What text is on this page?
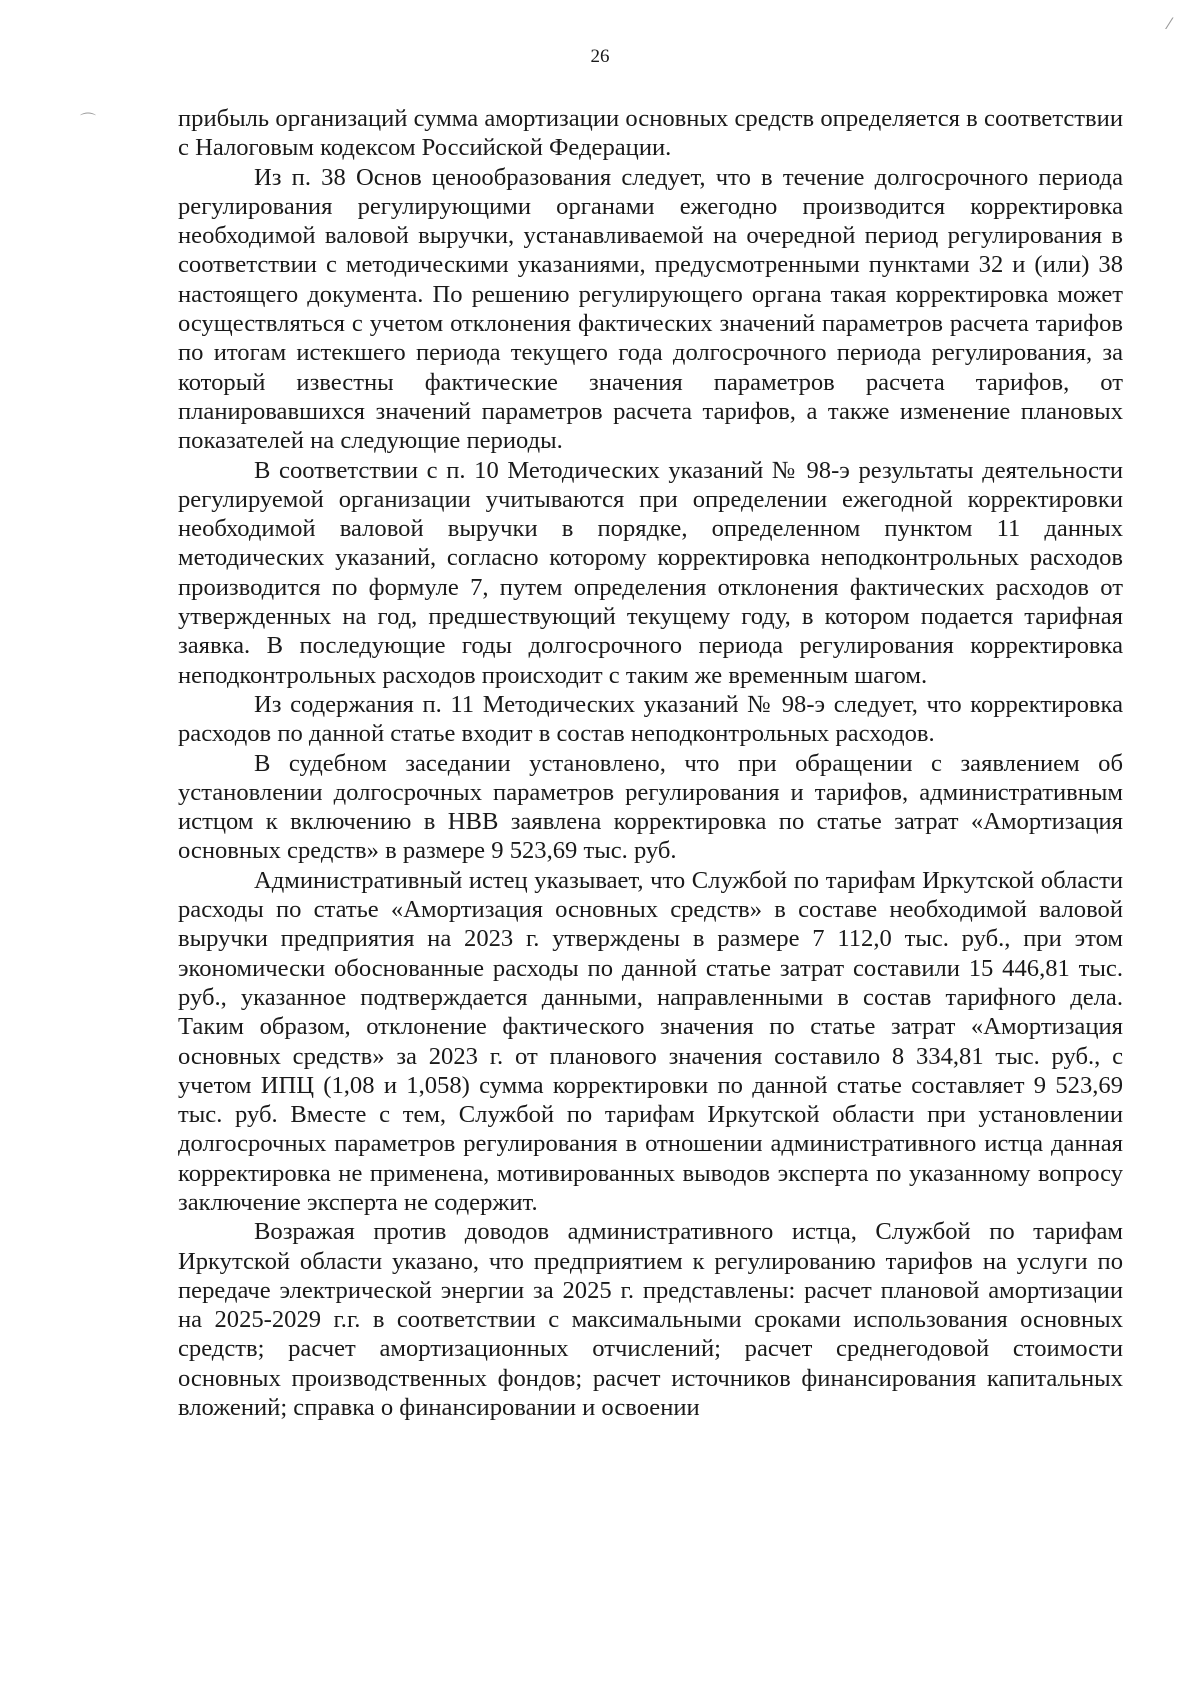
26

прибыль организаций сумма амортизации основных средств определяется в соответствии с Налоговым кодексом Российской Федерации.

Из п. 38 Основ ценообразования следует, что в течение долгосрочного периода регулирования регулирующими органами ежегодно производится корректировка необходимой валовой выручки, устанавливаемой на очередной период регулирования в соответствии с методическими указаниями, предусмотренными пунктами 32 и (или) 38 настоящего документа. По решению регулирующего органа такая корректировка может осуществляться с учетом отклонения фактических значений параметров расчета тарифов по итогам истекшего периода текущего года долгосрочного периода регулирования, за который известны фактические значения параметров расчета тарифов, от планировавшихся значений параметров расчета тарифов, а также изменение плановых показателей на следующие периоды.

В соответствии с п. 10 Методических указаний № 98-э результаты деятельности регулируемой организации учитываются при определении ежегодной корректировки необходимой валовой выручки в порядке, определенном пунктом 11 данных методических указаний, согласно которому корректировка неподконтрольных расходов производится по формуле 7, путем определения отклонения фактических расходов от утвержденных на год, предшествующий текущему году, в котором подается тарифная заявка. В последующие годы долгосрочного периода регулирования корректировка неподконтрольных расходов происходит с таким же временным шагом.

Из содержания п. 11 Методических указаний № 98-э следует, что корректировка расходов по данной статье входит в состав неподконтрольных расходов.

В судебном заседании установлено, что при обращении с заявлением об установлении долгосрочных параметров регулирования и тарифов, административным истцом к включению в НВВ заявлена корректировка по статье затрат «Амортизация основных средств» в размере 9 523,69 тыс. руб.

Административный истец указывает, что Службой по тарифам Иркутской области расходы по статье «Амортизация основных средств» в составе необходимой валовой выручки предприятия на 2023 г. утверждены в размере 7 112,0 тыс. руб., при этом экономически обоснованные расходы по данной статье затрат составили 15 446,81 тыс. руб., указанное подтверждается данными, направленными в состав тарифного дела. Таким образом, отклонение фактического значения по статье затрат «Амортизация основных средств» за 2023 г. от планового значения составило 8 334,81 тыс. руб., с учетом ИПЦ (1,08 и 1,058) сумма корректировки по данной статье составляет 9 523,69 тыс. руб. Вместе с тем, Службой по тарифам Иркутской области при установлении долгосрочных параметров регулирования в отношении административного истца данная корректировка не применена, мотивированных выводов эксперта по указанному вопросу заключение эксперта не содержит.

Возражая против доводов административного истца, Службой по тарифам Иркутской области указано, что предприятием к регулированию тарифов на услуги по передаче электрической энергии за 2025 г. представлены: расчет плановой амортизации на 2025-2029 г.г. в соответствии с максимальными сроками использования основных средств; расчет амортизационных отчислений; расчет среднегодовой стоимости основных производственных фондов; расчет источников финансирования капитальных вложений; справка о финансировании и освоении

⁄
⌒
